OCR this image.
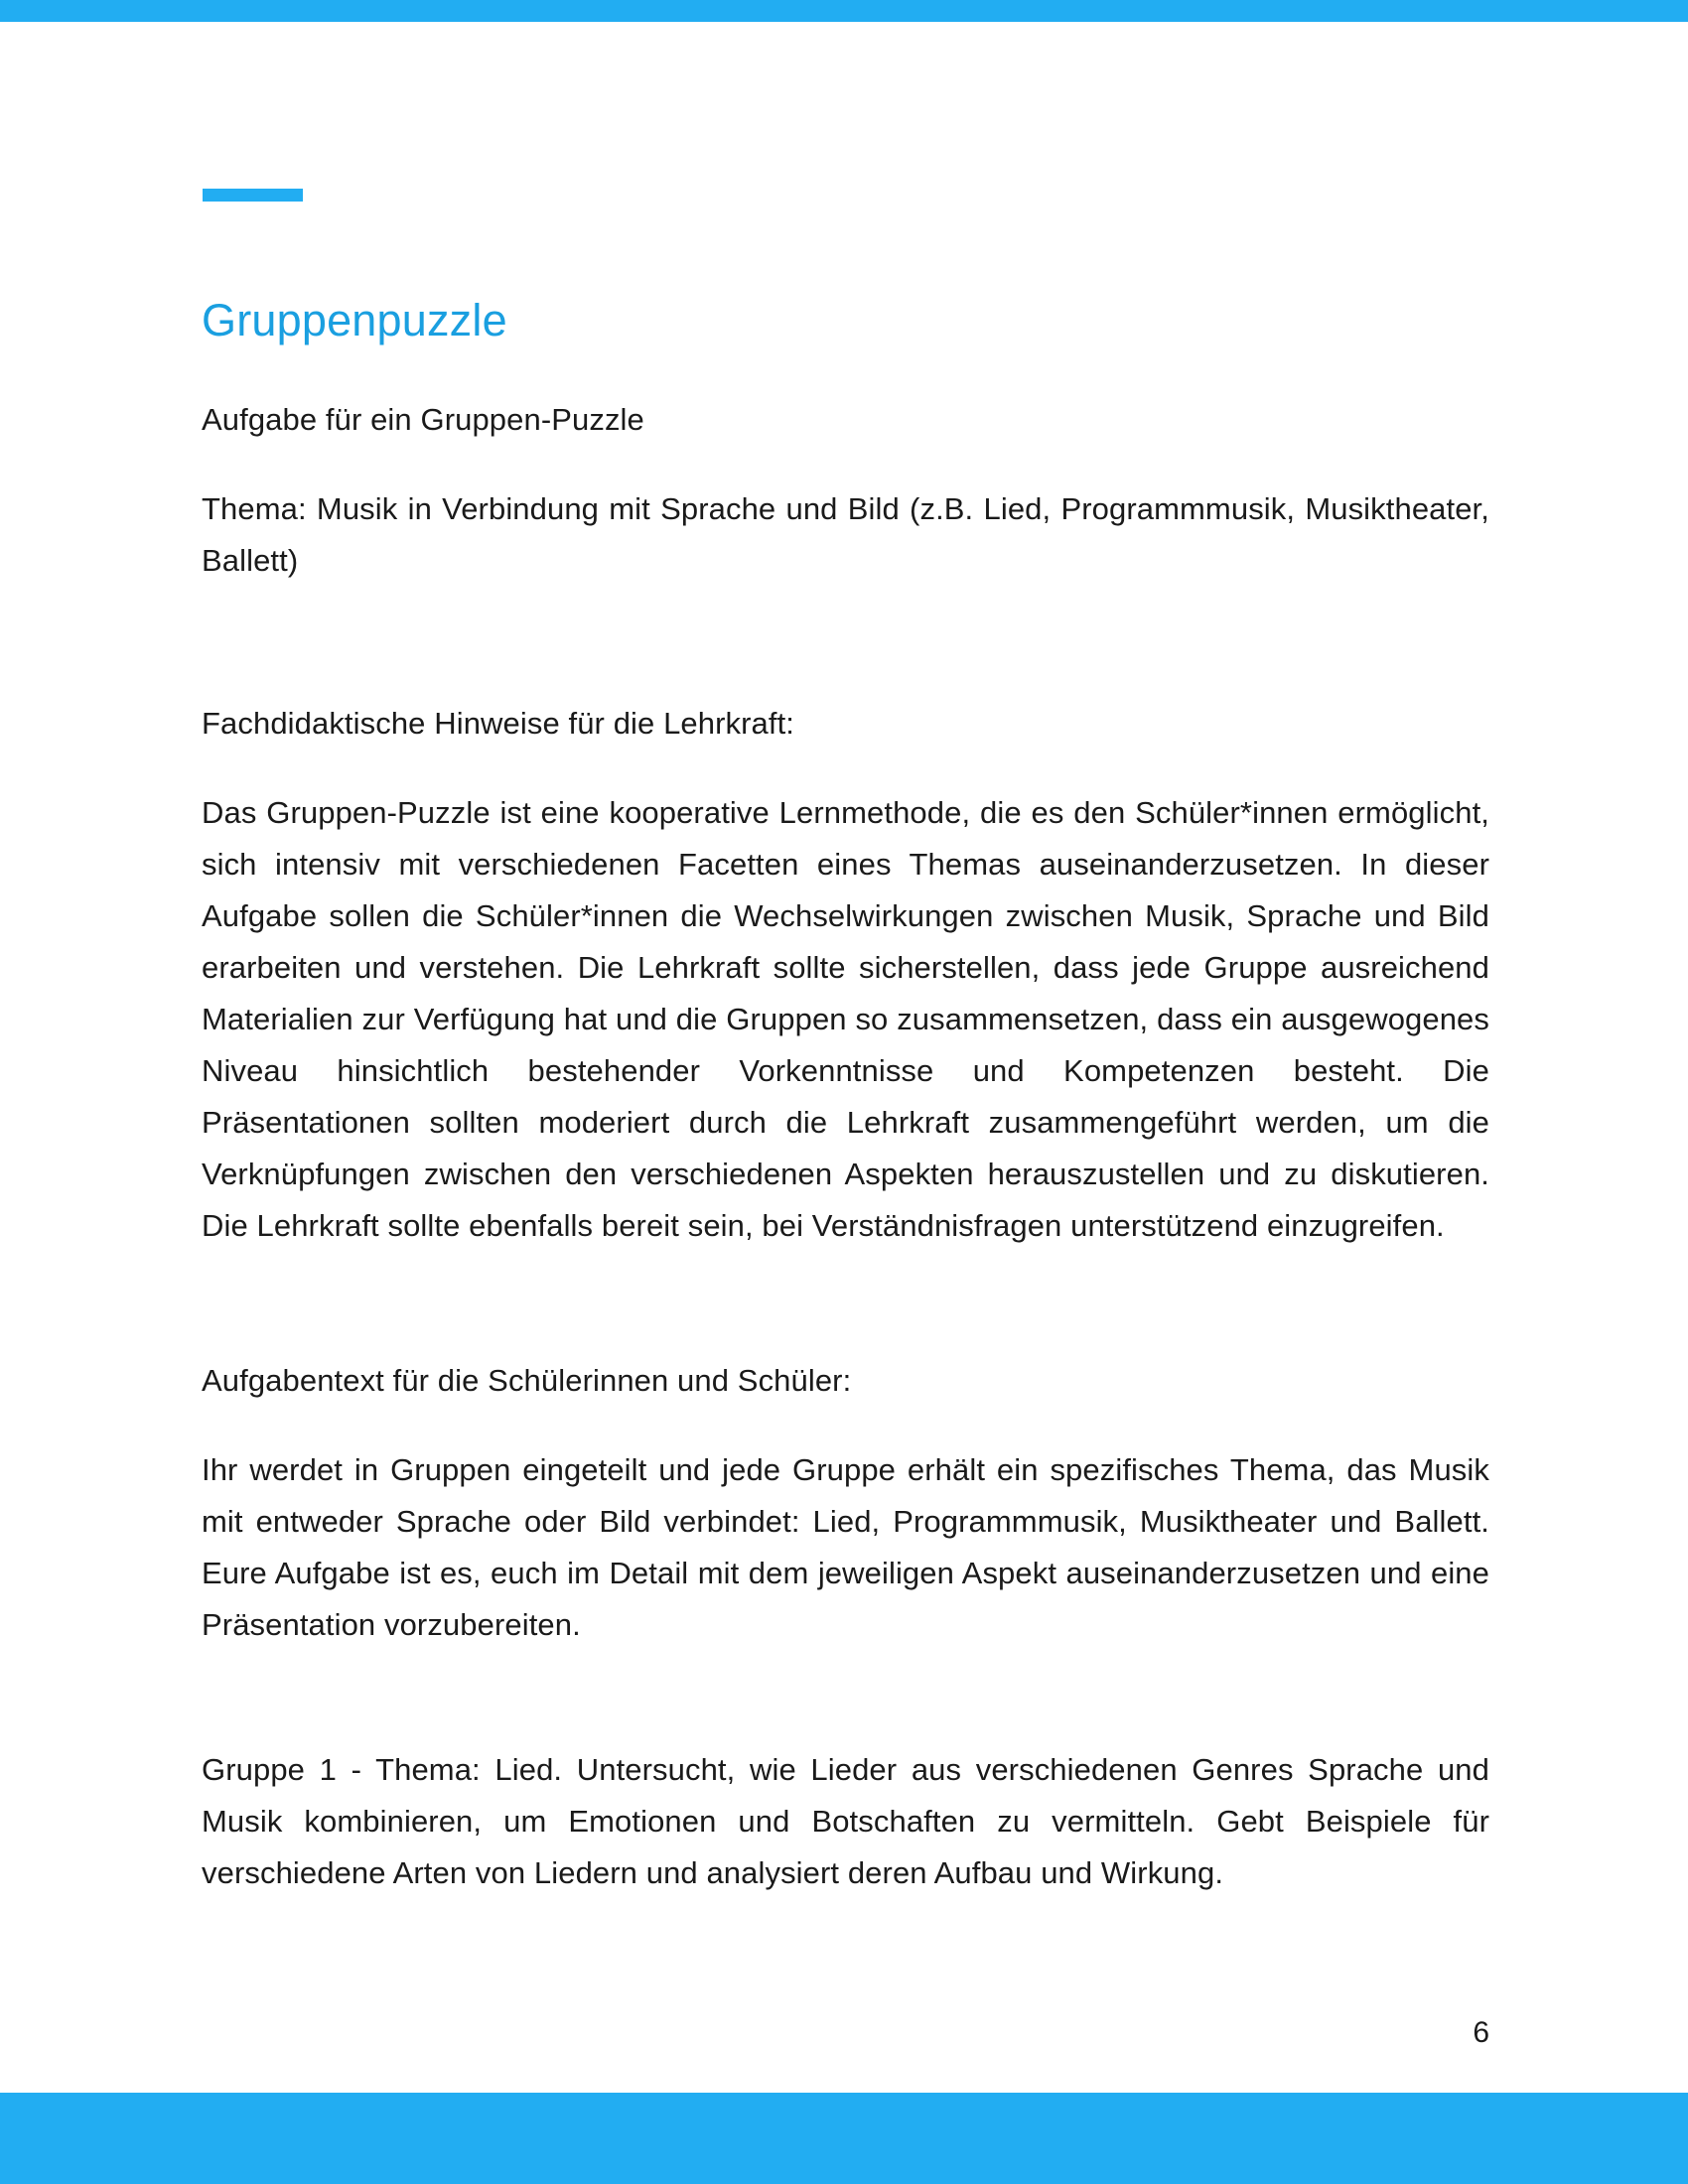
Gruppenpuzzle

Aufgabe für ein Gruppen-Puzzle

Thema: Musik in Verbindung mit Sprache und Bild (z.B. Lied, Programmmusik, Musiktheater, Ballett)

Fachdidaktische Hinweise für die Lehrkraft:

Das Gruppen-Puzzle ist eine kooperative Lernmethode, die es den Schüler*innen ermöglicht, sich intensiv mit verschiedenen Facetten eines Themas auseinanderzusetzen. In dieser Aufgabe sollen die Schüler*innen die Wechselwirkungen zwischen Musik, Sprache und Bild erarbeiten und verstehen. Die Lehrkraft sollte sicherstellen, dass jede Gruppe ausreichend Materialien zur Verfügung hat und die Gruppen so zusammensetzen, dass ein ausgewogenes Niveau hinsichtlich bestehender Vorkenntnisse und Kompetenzen besteht. Die Präsentationen sollten moderiert durch die Lehrkraft zusammengeführt werden, um die Verknüpfungen zwischen den verschiedenen Aspekten herauszustellen und zu diskutieren. Die Lehrkraft sollte ebenfalls bereit sein, bei Verständnisfragen unterstützend einzugreifen.

Aufgabentext für die Schülerinnen und Schüler:

Ihr werdet in Gruppen eingeteilt und jede Gruppe erhält ein spezifisches Thema, das Musik mit entweder Sprache oder Bild verbindet: Lied, Programmmusik, Musiktheater und Ballett. Eure Aufgabe ist es, euch im Detail mit dem jeweiligen Aspekt auseinanderzusetzen und eine Präsentation vorzubereiten.

Gruppe 1 - Thema: Lied. Untersucht, wie Lieder aus verschiedenen Genres Sprache und Musik kombinieren, um Emotionen und Botschaften zu vermitteln. Gebt Beispiele für verschiedene Arten von Liedern und analysiert deren Aufbau und Wirkung.

6
